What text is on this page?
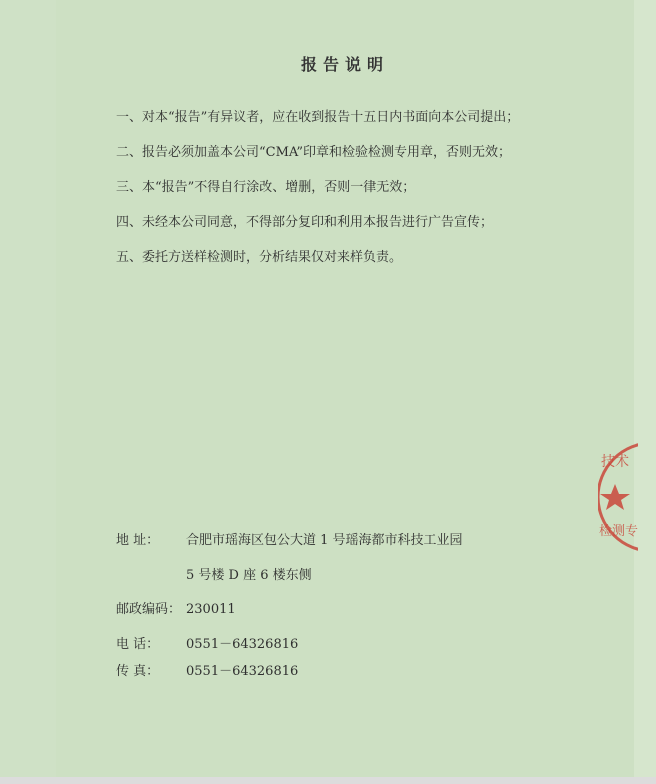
报告说明
一、对本“报告”有异议者，应在收到报告十五日内书面向本公司提出；
二、报告必须加盖本公司“CMA”印章和检验检测专用章，否则无效；
三、本“报告”不得自行涂改、增删，否则一律无效；
四、未经本公司同意，不得部分复印和利用本报告进行广告宣传；
五、委托方送样检测时，分析结果仅对来样负责。
地 址： 合肥市瑶海区包公大道 1 号瑶海都市科技工业园
5 号楼 D 座 6 楼东侧
邮政编码： 230011
电 话： 0551－64326816
传 真： 0551－64326816
技术
检测专
